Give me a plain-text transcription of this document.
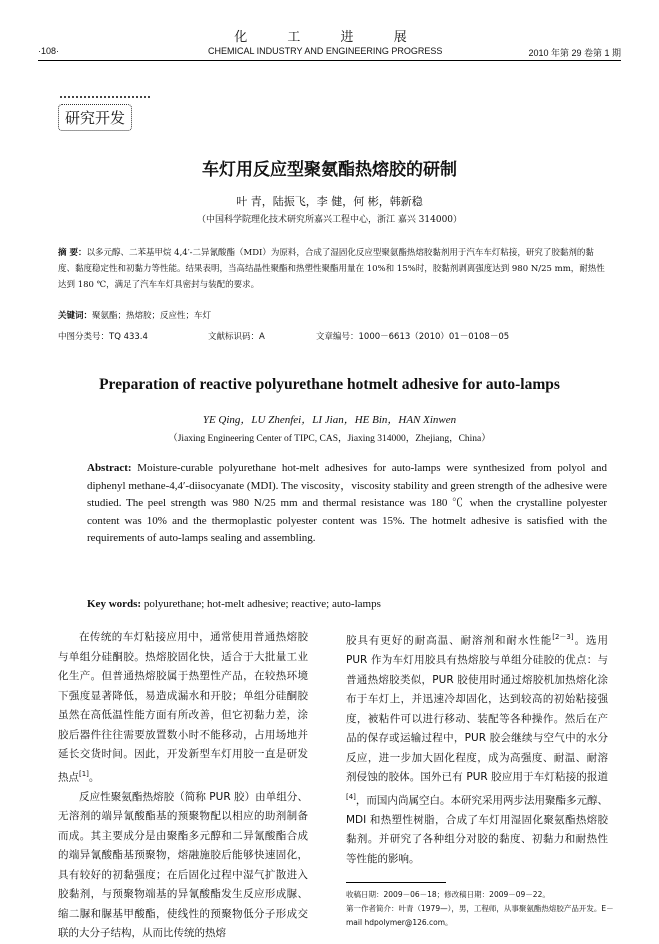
化 工 进 展
·108·	CHEMICAL INDUSTRY AND ENGINEERING PROGRESS	2010 年第 29 卷第 1 期
研究开发
车灯用反应型聚氨酯热熔胶的研制
叶 青，陆振飞，李 健，何 彬，韩新稳
（中国科学院理化技术研究所嘉兴工程中心，浙江 嘉兴 314000）
摘 要：以多元醇、二苯基甲烷 4,4′-二异氰酸酯（MDI）为原料，合成了湿固化反应型聚氨酯热熔胶黏剂用于汽车车灯粘接，研究了胶黏剂的黏度、黏度稳定性和初黏力等性能。结果表明，当高结晶性聚酯和热塑性聚酯用量在 10%和 15%时，胶黏剂剥离强度达到 980 N/25 mm，耐热性达到 180 ℃，满足了汽车车灯具密封与装配的要求。
关键词：聚氨酯；热熔胶；反应性；车灯
中图分类号：TQ 433.4	文献标识码：A	文章编号：1000－6613（2010）01－0108－05
Preparation of reactive polyurethane hotmelt adhesive for auto-lamps
YE Qing，LU Zhenfei，LI Jian，HE Bin，HAN Xinwen
（Jiaxing Engineering Center of TIPC, CAS，Jiaxing 314000，Zhejiang，China）
Abstract: Moisture-curable polyurethane hot-melt adhesives for auto-lamps were synthesized from polyol and diphenyl methane-4,4′-diisocyanate (MDI). The viscosity，viscosity stability and green strength of the adhesive were studied. The peel strength was 980 N/25 mm and thermal resistance was 180 ℃ when the crystalline polyester content was 10% and the thermoplastic polyester content was 15%. The hotmelt adhesive is satisfied with the requirements of auto-lamps sealing and assembling.
Key words: polyurethane; hot-melt adhesive; reactive; auto-lamps

在传统的车灯粘接应用中，通常使用普通热熔胶与单组分硅酮胶。热熔胶固化快，适合于大批量工业化生产。但普通热熔胶属于热塑性产品，在较热环境下强度显著降低，易造成漏水和开胶；单组分硅酮胶虽然在高低温性能方面有所改善，但它初黏力差，涂胶后器件往往需要放置数小时不能移动，占用场地并延长交货时间。因此，开发新型车灯用胶一直是研发热点[1]。

反应性聚氨酯热熔胶（简称 PUR 胶）由单组分、无溶剂的端异氰酸酯基的预聚物配以相应的助剂制备而成。其主要成分是由聚酯多元醇和二异氰酸酯合成的端异氰酸酯基预聚物，熔融施胶后能够快速固化，具有较好的初黏强度；在后固化过程中湿气扩散进入胶黏剂，与预聚物端基的异氰酸酯发生反应形成脲、缩二脲和脲基甲酸酯，使线性的预聚物低分子形成交联的大分子结构，从而比传统的热熔

胶具有更好的耐高温、耐溶剂和耐水性能[2－3]。选用 PUR 作为车灯用胶具有热熔胶与单组分硅胶的优点：与普通热熔胶类似，PUR 胶使用时通过熔胶机加热熔化涂布于车灯上，并迅速冷却固化，达到较高的初始粘接强度，被粘件可以进行移动、装配等各种操作。然后在产品的保存或运输过程中，PUR 胶会继续与空气中的水分反应，进一步加大固化程度，成为高强度、耐温、耐溶剂侵蚀的胶体。国外已有 PUR 胶应用于车灯粘接的报道[4]，而国内尚属空白。本研究采用两步法用聚酯多元醇、MDI 和热塑性树脂，合成了车灯用湿固化聚氨酯热熔胶黏剂。并研究了各种组分对胶的黏度、初黏力和耐热性等性能的影响。

收稿日期：2009－06－18；修改稿日期：2009－09－22。
第一作者简介：叶青（1979—），男，工程师，从事聚氨酯热熔胶产品开发。E－mail hdpolymer@126.com。
